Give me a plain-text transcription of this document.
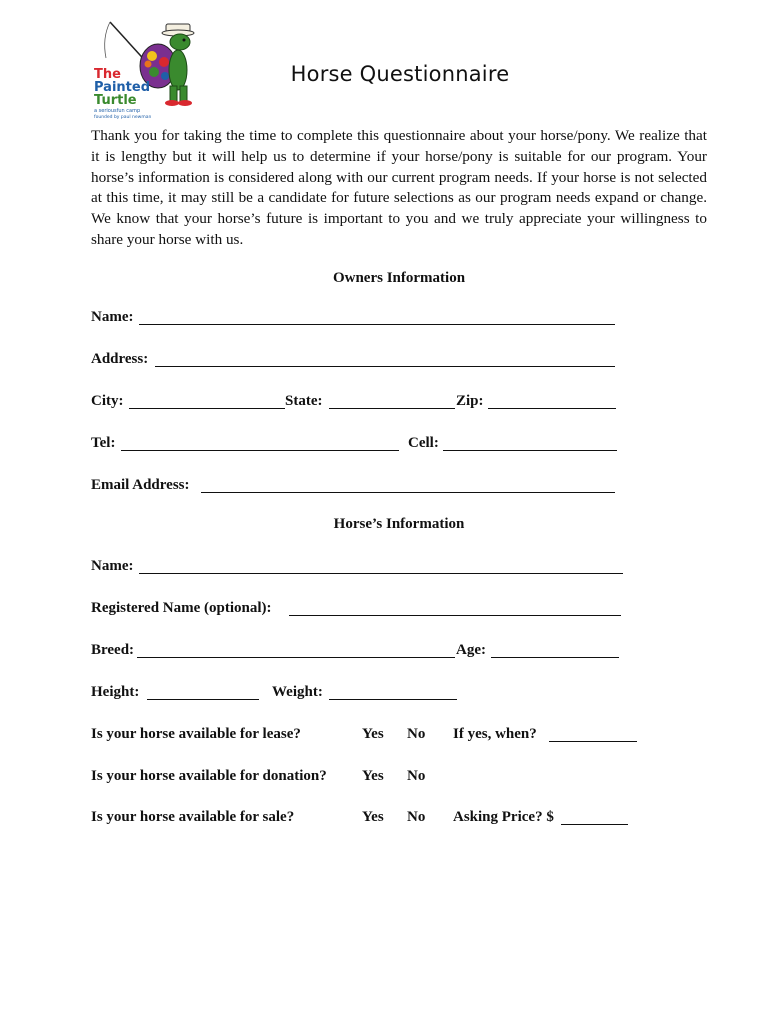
The
Painted
Turtle
a seriousfun camp
founded by paul newman
Horse Questionnaire

Thank you for taking the time to complete this questionnaire about your horse/pony. We realize that it is lengthy but it will help us to determine if your horse/pony is suitable for our program. Your horse’s information is considered along with our current program needs. If your horse is not selected at this time, it may still be a candidate for future selections as our program needs expand or change. We know that your horse’s future is important to you and we truly appreciate your willingness to share your horse with us.

Owners Information
Name:
Address:
City:	State:	Zip:
Tel:	Cell:
Email Address:
Horse’s Information
Name:
Registered Name (optional):
Breed:	Age:
Height:	Weight:
Is your horse available for lease?	Yes No If yes, when?
Is your horse available for donation? Yes No
Is your horse available for sale?	Yes No Asking Price? $
